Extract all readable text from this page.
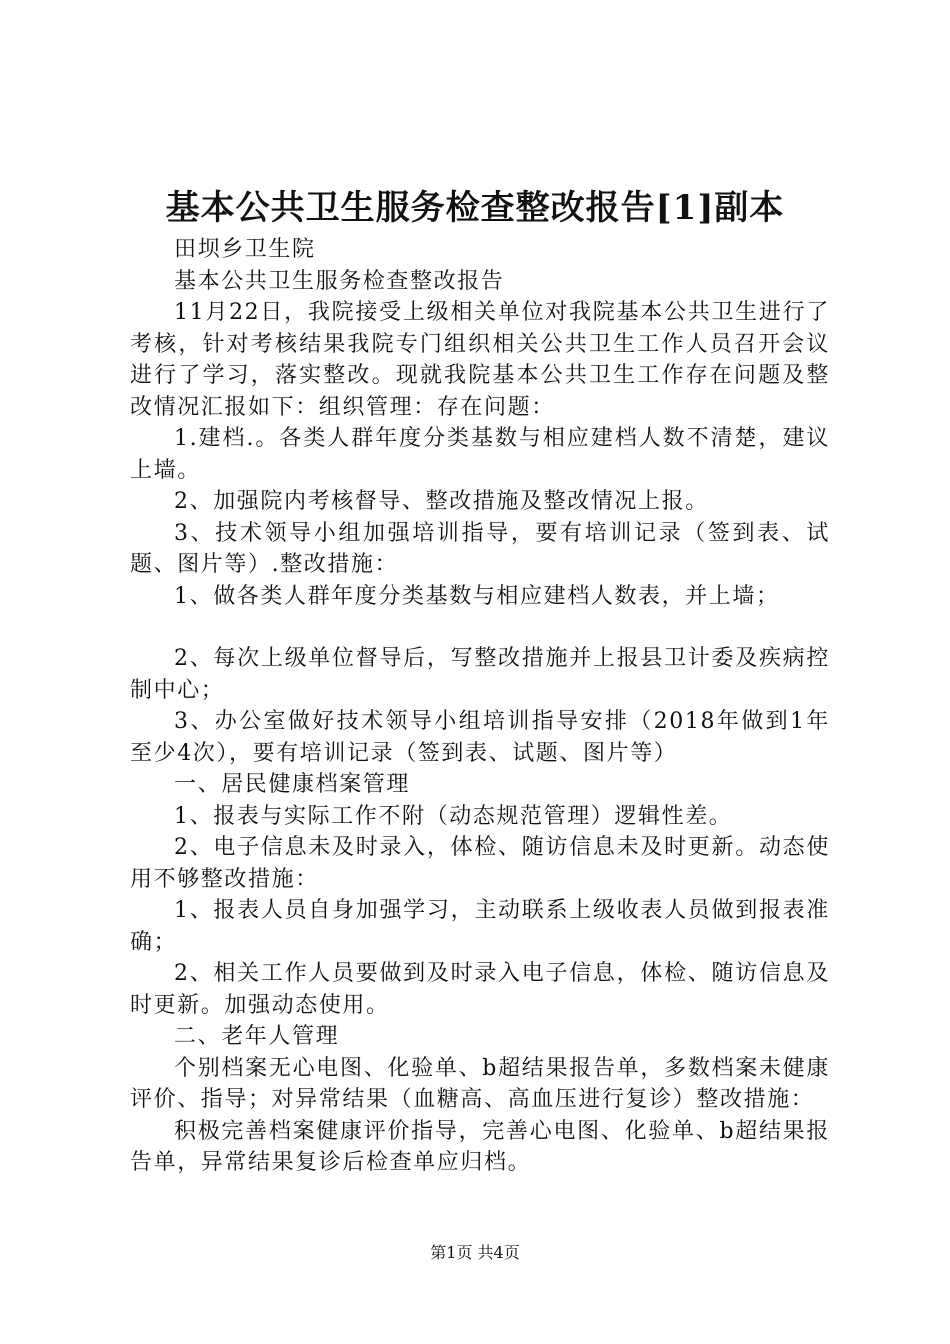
基本公共卫生服务检查整改报告[1]副本

田坝乡卫生院

基本公共卫生服务检查整改报告

11月22日，我院接受上级相关单位对我院基本公共卫生进行了考核，针对考核结果我院专门组织相关公共卫生工作人员召开会议进行了学习，落实整改。现就我院基本公共卫生工作存在问题及整改情况汇报如下：组织管理：存在问题：

1.建档.。各类人群年度分类基数与相应建档人数不清楚，建议上墙。

2、加强院内考核督导、整改措施及整改情况上报。

3、技术领导小组加强培训指导，要有培训记录（签到表、试题、图片等）.整改措施：

1、做各类人群年度分类基数与相应建档人数表，并上墙；

2、每次上级单位督导后，写整改措施并上报县卫计委及疾病控制中心；

3、办公室做好技术领导小组培训指导安排（2018年做到1年至少4次），要有培训记录（签到表、试题、图片等）

一、居民健康档案管理

1、报表与实际工作不附（动态规范管理）逻辑性差。

2、电子信息未及时录入，体检、随访信息未及时更新。动态使用不够整改措施：

1、报表人员自身加强学习，主动联系上级收表人员做到报表准确；

2、相关工作人员要做到及时录入电子信息，体检、随访信息及时更新。加强动态使用。

二、老年人管理

个别档案无心电图、化验单、b超结果报告单，多数档案未健康评价、指导；对异常结果（血糖高、高血压进行复诊）整改措施：

积极完善档案健康评价指导，完善心电图、化验单、b超结果报告单，异常结果复诊后检查单应归档。

第1页 共4页
